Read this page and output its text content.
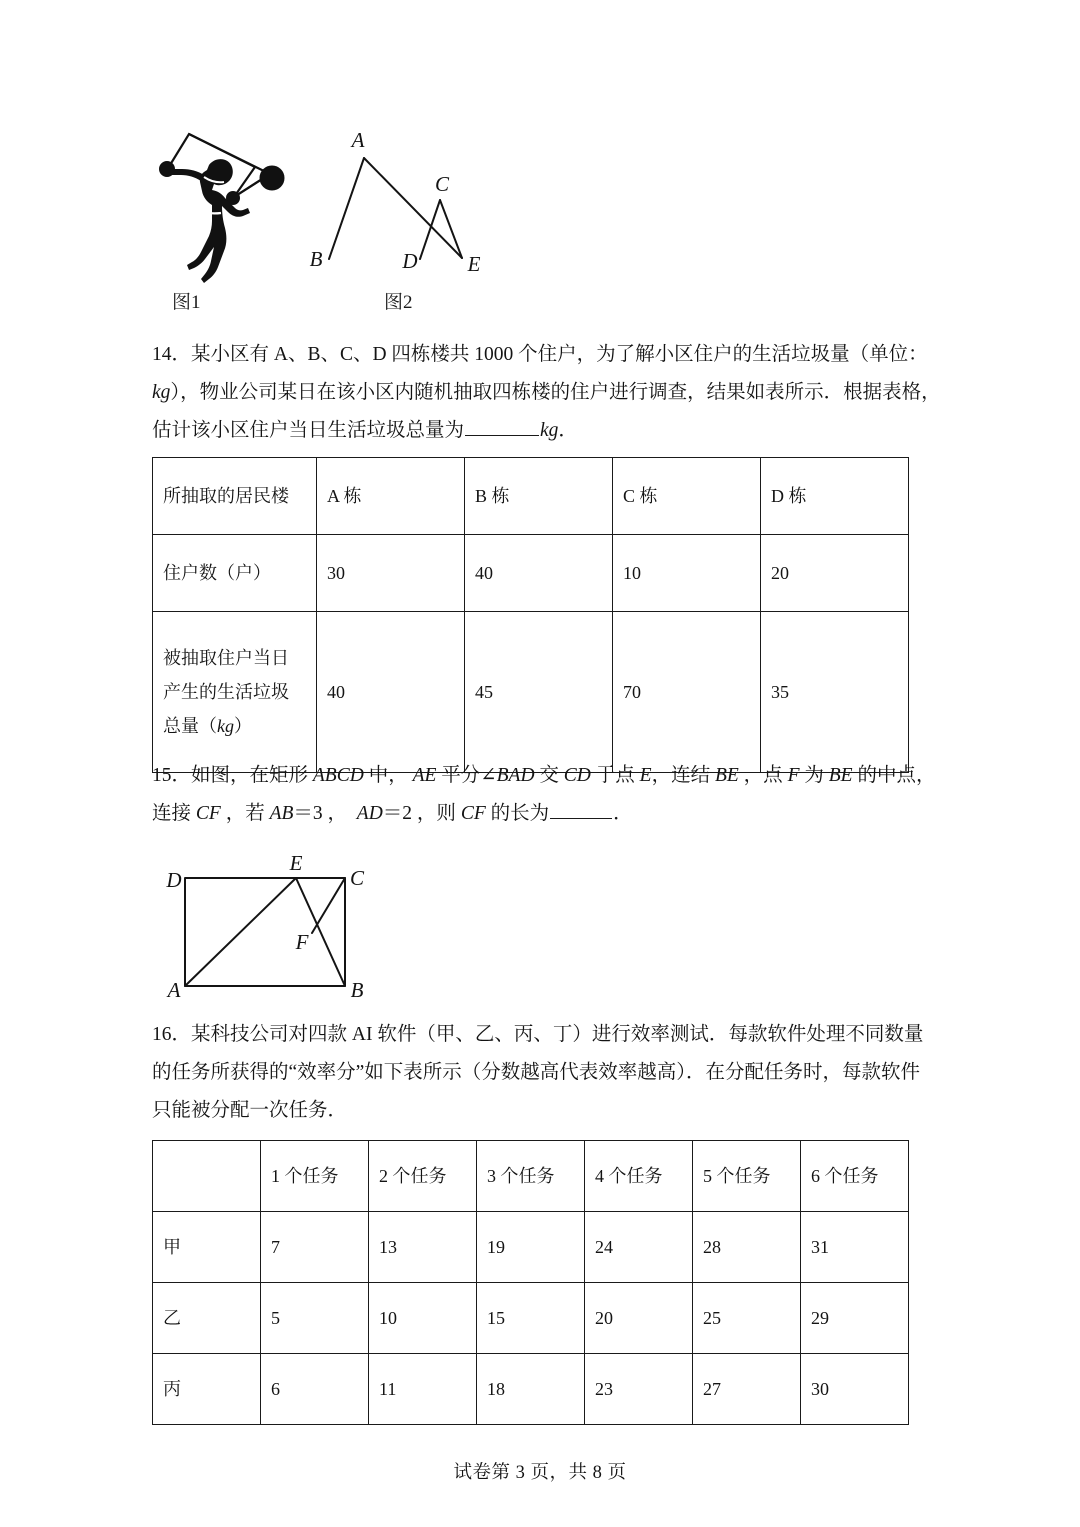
A
B
C
D E
图1	图2
14．某小区有 A、B、C、D 四栋楼共 1000 个住户，为了解小区住户的生活垃圾量（单位：
kg），物业公司某日在该小区内随机抽取四栋楼的住户进行调查，结果如表所示．根据表格，
估计该小区住户当日生活垃圾总量为	kg．
所抽取的居民楼	A 栋	B 栋	C 栋	D 栋
住户数（户）	30	40	10	20

被抽取住户当日
产生的生活垃圾
总量（kg）	40	45	70	35
15．如图，在矩形 ABCD 中， AE 平分∠BAD 交 CD 于点 E，连结 BE ，点 F 为 BE 的中点，
连接 CF ，若 AB＝3 ，  AD＝2 ，则 CF 的长为	．
D
E
C
F
A	B
16．某科技公司对四款 AI 软件（甲、乙、丙、丁）进行效率测试．每款软件处理不同数量
的任务所获得的“效率分”如下表所示（分数越高代表效率越高）．在分配任务时，每款软件
只能被分配一次任务．
	1 个任务	2 个任务	3 个任务	4 个任务	5 个任务	6 个任务
甲	7	13	19	24	28	31
乙	5	10	15	20	25	29
丙	6	11	18	23	27	30
试卷第 3 页，共 8 页
